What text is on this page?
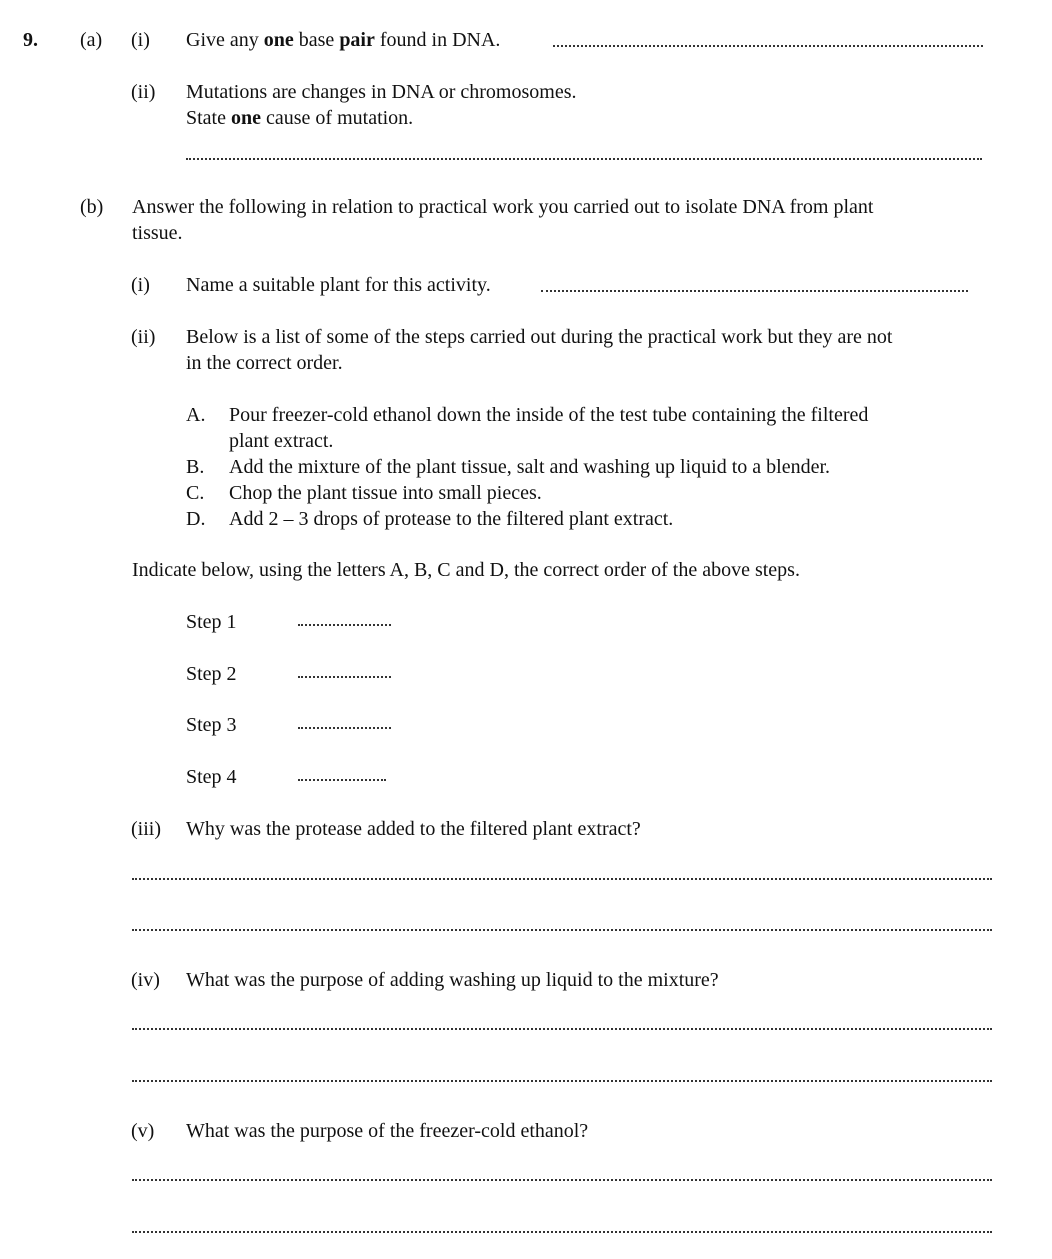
9. (a) (i) Give any one base pair found in DNA.
(ii) Mutations are changes in DNA or chromosomes.
State one cause of mutation.
(b) Answer the following in relation to practical work you carried out to isolate DNA from plant
tissue.
(i) Name a suitable plant for this activity.
(ii) Below is a list of some of the steps carried out during the practical work but they are not
in the correct order.
A. Pour freezer-cold ethanol down the inside of the test tube containing the filtered
plant extract.
B. Add the mixture of the plant tissue, salt and washing up liquid to a blender.
C. Chop the plant tissue into small pieces.
D. Add 2 – 3 drops of protease to the filtered plant extract.
Indicate below, using the letters A, B, C and D, the correct order of the above steps.
Step 1
Step 2
Step 3
Step 4
(iii) Why was the protease added to the filtered plant extract?
(iv) What was the purpose of adding washing up liquid to the mixture?
(v) What was the purpose of the freezer-cold ethanol?
